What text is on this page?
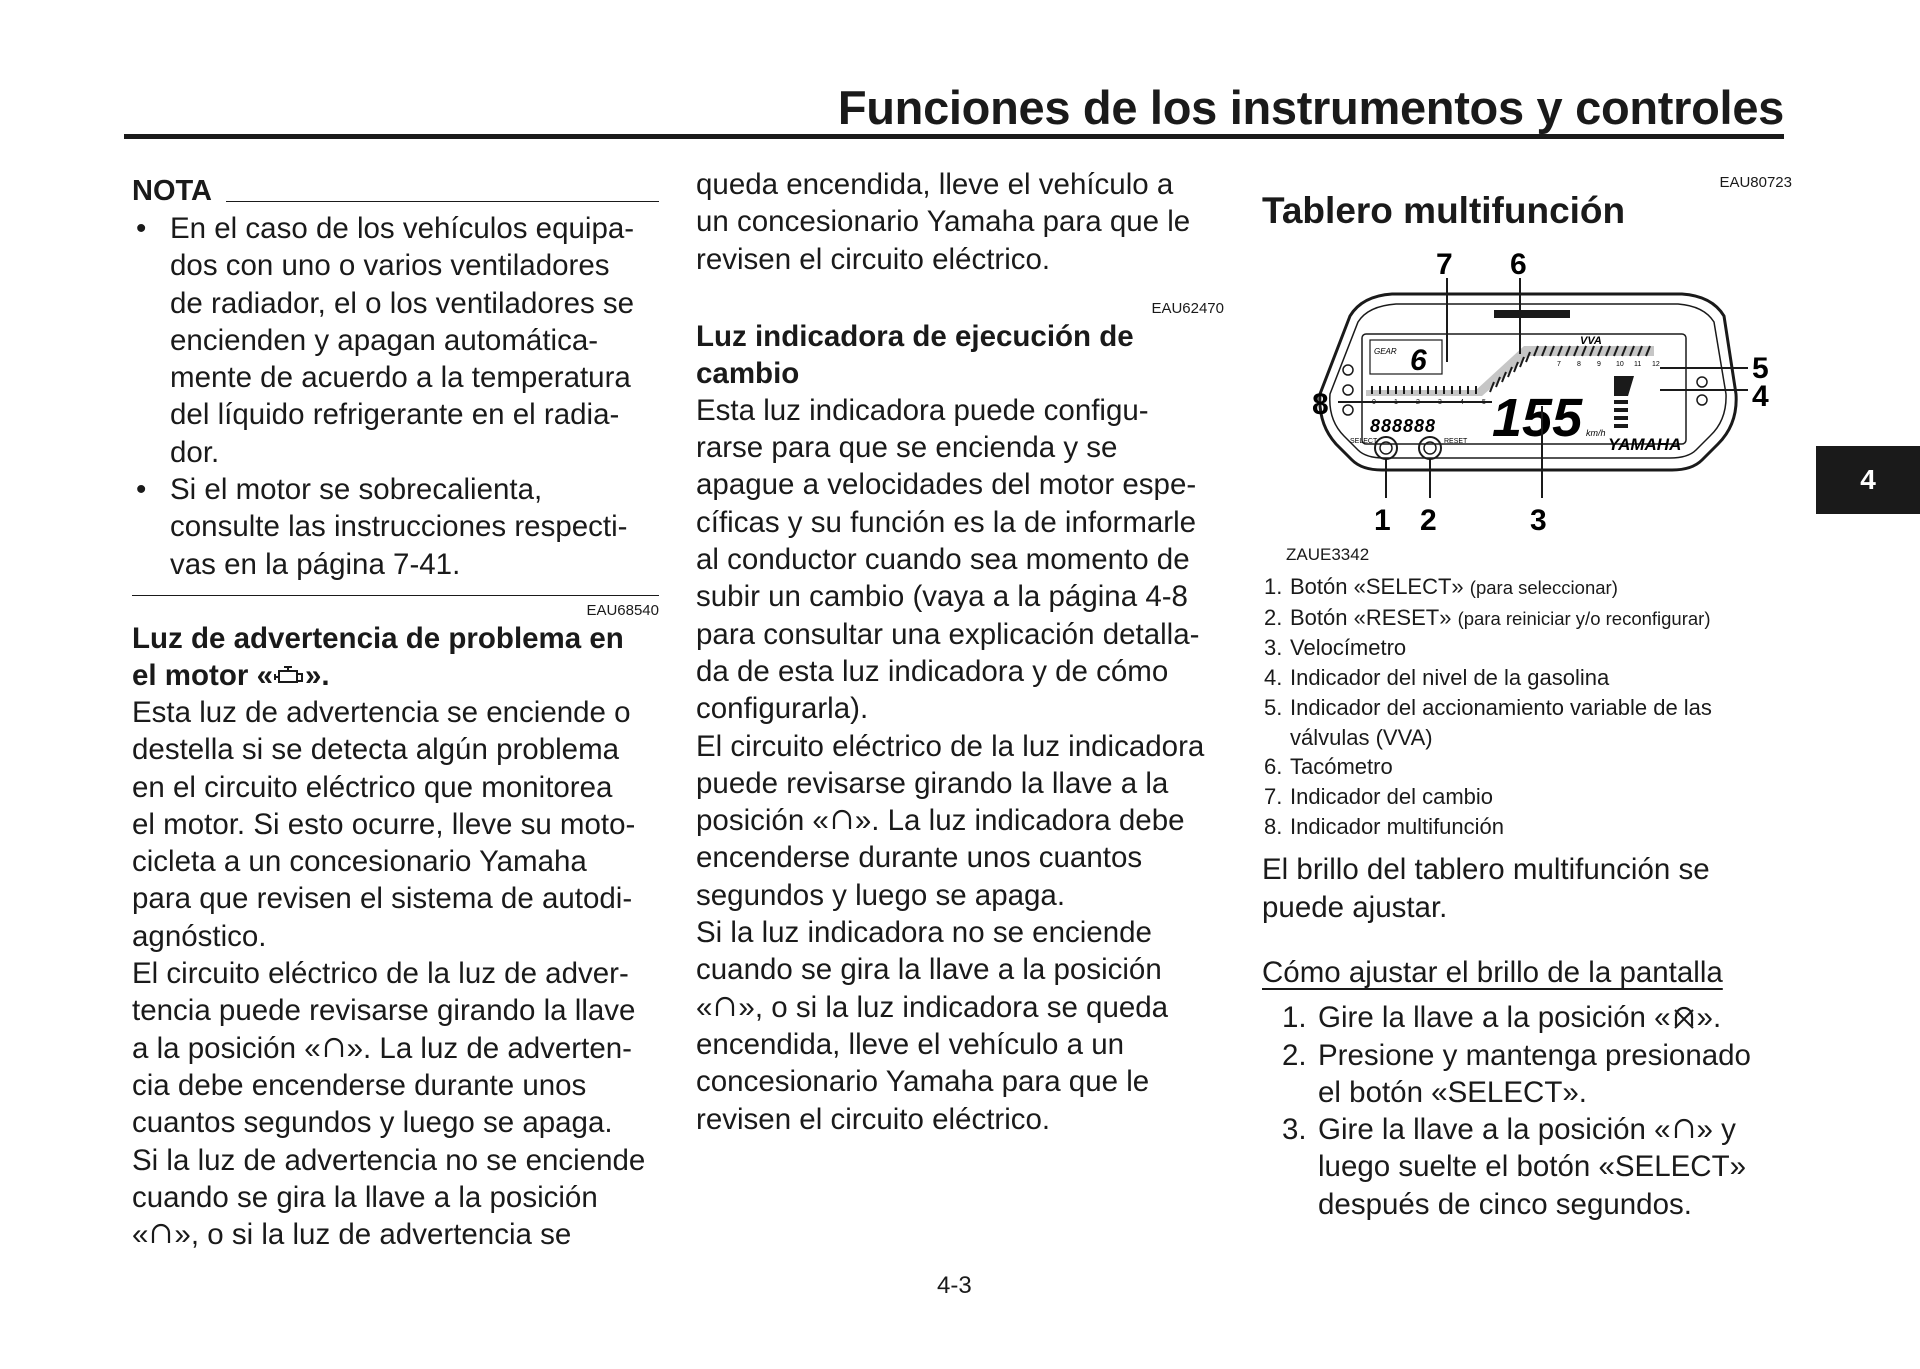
Funciones de los instrumentos y controles
NOTA
• En el caso de los vehículos equipa-

dos con uno o varios ventiladores

de radiador, el o los ventiladores se

encienden y apagan automática-

mente de acuerdo a la temperatura

del líquido refrigerante en el radia-

dor.

• Si el motor se sobrecalienta,

consulte las instrucciones respecti-

vas en la página 7-41.

EAU68540
Luz de advertencia de problema en
el motor « ».

Esta luz de advertencia se enciende o

destella si se detecta algún problema

en el circuito eléctrico que monitorea

el motor. Si esto ocurre, lleve su moto-

cicleta a un concesionario Yamaha

para que revisen el sistema de autodi-

agnóstico.

El circuito eléctrico de la luz de adver-

tencia puede revisarse girando la llave

a la posición « ». La luz de adverten-

cia debe encenderse durante unos

cuantos segundos y luego se apaga.

Si la luz de advertencia no se enciende

cuando se gira la llave a la posición

« », o si la luz de advertencia se

queda encendida, lleve el vehículo a

un concesionario Yamaha para que le

revisen el circuito eléctrico.

EAU62470
Luz indicadora de ejecución de
cambio

Esta luz indicadora puede configu-

rarse para que se encienda y se

apague a velocidades del motor espe-

cíficas y su función es la de informarle

al conductor cuando sea momento de

subir un cambio (vaya a la página 4-8

para consultar una explicación detalla-

da de esta luz indicadora y de cómo

configurarla).

El circuito eléctrico de la luz indicadora

puede revisarse girando la llave a la

posición « ». La luz indicadora debe

encenderse durante unos cuantos

segundos y luego se apaga.

Si la luz indicadora no se enciende

cuando se gira la llave a la posición

« », o si la luz indicadora se queda

encendida, lleve el vehículo a un

concesionario Yamaha para que le

revisen el circuito eléctrico.

EAU80723
Tablero multifunción
GEAR 6	7 8 9 10 11 12
0	1	2	3	4	5
VVA
888888 155 km/h
SELECT	RESET	YAMAHA
7 6
5
4
8
1 2	3
ZAUE3342
1. Botón «SELECT» (para seleccionar)
2. Botón «RESET» (para reiniciar y/o reconfigurar)
3. Velocímetro
4. Indicador del nivel de la gasolina
5. Indicador del accionamiento variable de las
válvulas (VVA)
6. Tacómetro
7. Indicador del cambio
8. Indicador multifunción

El brillo del tablero multifunción se

puede ajustar.

Cómo ajustar el brillo de la pantalla
1. Gire la llave a la posición « ».
2. Presione y mantenga presionado
el botón «SELECT».
3. Gire la llave a la posición « » y
luego suelte el botón «SELECT»
después de cinco segundos.
4
4-3
